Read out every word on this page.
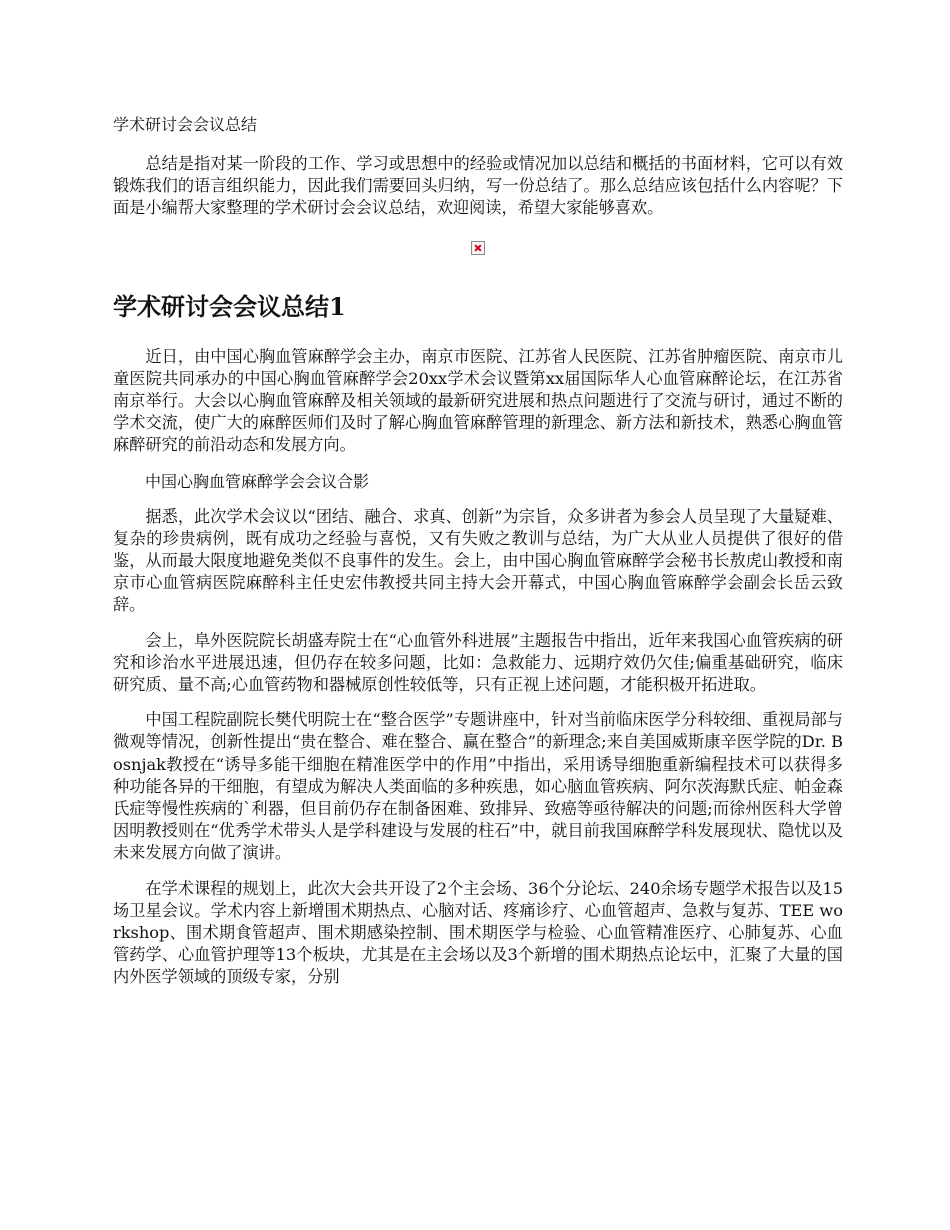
学术研讨会会议总结

总结是指对某一阶段的工作、学习或思想中的经验或情况加以总结和概括的书面材料，它可以有效锻炼我们的语言组织能力，因此我们需要回头归纳，写一份总结了。那么总结应该包括什么内容呢？下面是小编帮大家整理的学术研讨会会议总结，欢迎阅读，希望大家能够喜欢。

学术研讨会会议总结1

近日，由中国心胸血管麻醉学会主办，南京市医院、江苏省人民医院、江苏省肿瘤医院、南京市儿童医院共同承办的中国心胸血管麻醉学会20xx学术会议暨第xx届国际华人心血管麻醉论坛，在江苏省南京举行。大会以心胸血管麻醉及相关领域的最新研究进展和热点问题进行了交流与研讨，通过不断的学术交流，使广大的麻醉医师们及时了解心胸血管麻醉管理的新理念、新方法和新技术，熟悉心胸血管麻醉研究的前沿动态和发展方向。

中国心胸血管麻醉学会会议合影

据悉，此次学术会议以“团结、融合、求真、创新”为宗旨，众多讲者为参会人员呈现了大量疑难、复杂的珍贵病例，既有成功之经验与喜悦，又有失败之教训与总结，为广大从业人员提供了很好的借鉴，从而最大限度地避免类似不良事件的发生。会上，由中国心胸血管麻醉学会秘书长敖虎山教授和南京市心血管病医院麻醉科主任史宏伟教授共同主持大会开幕式，中国心胸血管麻醉学会副会长岳云致辞。

会上，阜外医院院长胡盛寿院士在“心血管外科进展”主题报告中指出，近年来我国心血管疾病的研究和诊治水平进展迅速，但仍存在较多问题，比如：急救能力、远期疗效仍欠佳;偏重基础研究，临床研究质、量不高;心血管药物和器械原创性较低等，只有正视上述问题，才能积极开拓进取。

中国工程院副院长樊代明院士在“整合医学”专题讲座中，针对当前临床医学分科较细、重视局部与微观等情况，创新性提出“贵在整合、难在整合、赢在整合”的新理念;来自美国威斯康辛医学院的Dr. Bosnjak教授在“诱导多能干细胞在精准医学中的作用”中指出，采用诱导细胞重新编程技术可以获得多种功能各异的干细胞，有望成为解决人类面临的多种疾患，如心脑血管疾病、阿尔茨海默氏症、帕金森氏症等慢性疾病的`利器，但目前仍存在制备困难、致排异、致癌等亟待解决的问题;而徐州医科大学曾因明教授则在“优秀学术带头人是学科建设与发展的柱石”中，就目前我国麻醉学科发展现状、隐忧以及未来发展方向做了演讲。

在学术课程的规划上，此次大会共开设了2个主会场、36个分论坛、240余场专题学术报告以及15场卫星会议。学术内容上新增围术期热点、心脑对话、疼痛诊疗、心血管超声、急救与复苏、TEE workshop、围术期食管超声、围术期感染控制、围术期医学与检验、心血管精准医疗、心肺复苏、心血管药学、心血管护理等13个板块，尤其是在主会场以及3个新增的围术期热点论坛中，汇聚了大量的国内外医学领域的顶级专家，分别
